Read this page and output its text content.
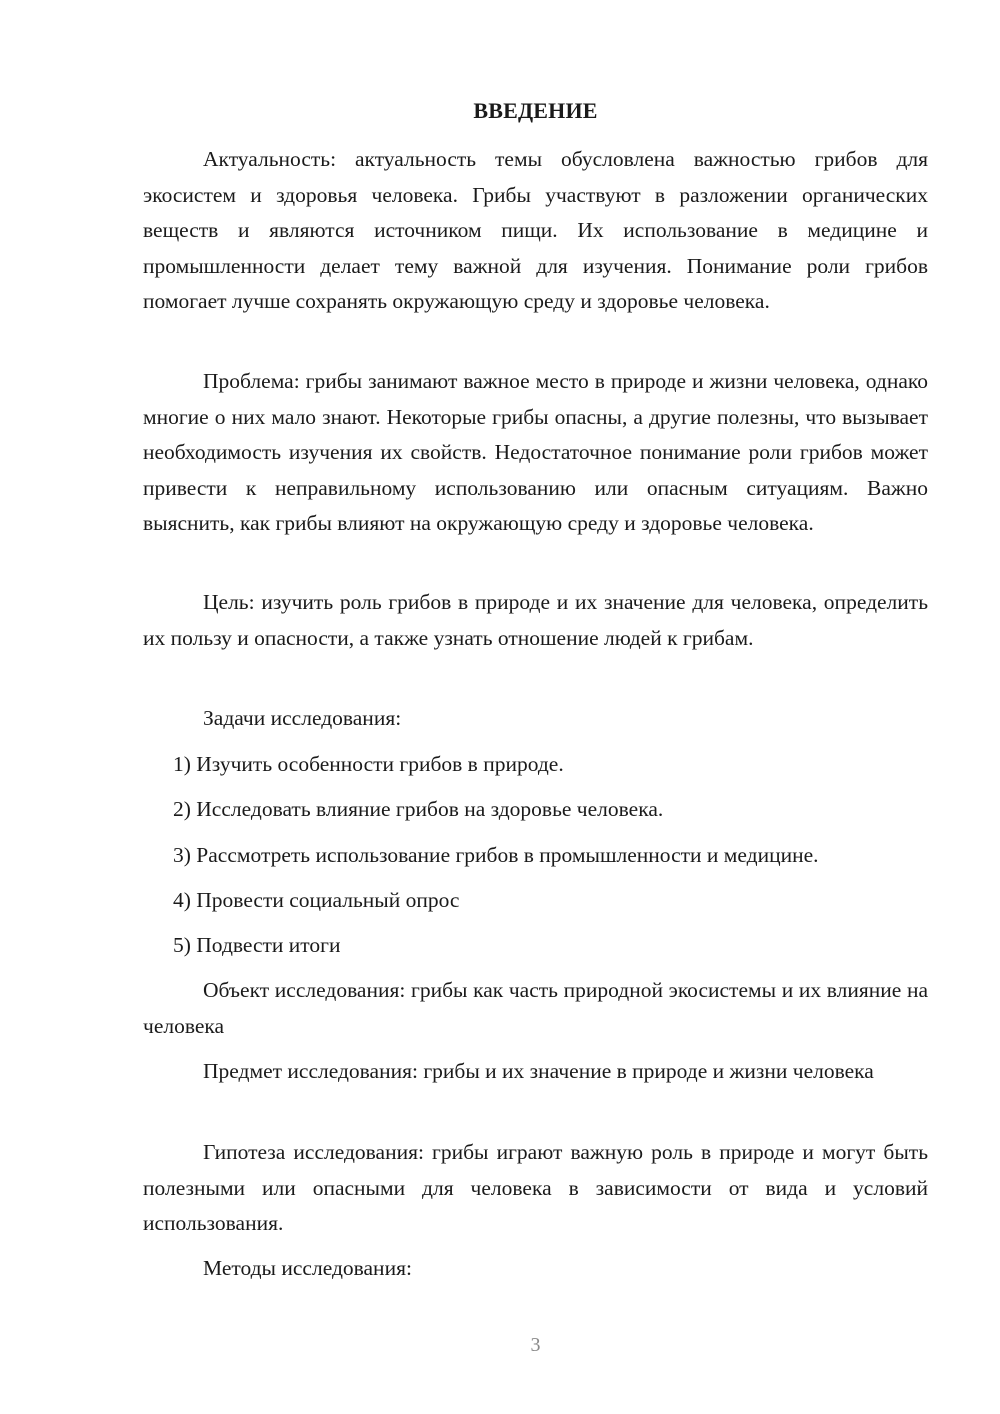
ВВЕДЕНИЕ

Актуальность: актуальность темы обусловлена важностью грибов для экосистем и здоровья человека. Грибы участвуют в разложении органических веществ и являются источником пищи. Их использование в медицине и промышленности делает тему важной для изучения. Понимание роли грибов помогает лучше сохранять окружающую среду и здоровье человека.

Проблема: грибы занимают важное место в природе и жизни человека, однако многие о них мало знают. Некоторые грибы опасны, а другие полезны, что вызывает необходимость изучения их свойств. Недостаточное понимание роли грибов может привести к неправильному использованию или опасным ситуациям. Важно выяснить, как грибы влияют на окружающую среду и здоровье человека.

Цель: изучить роль грибов в природе и их значение для человека, определить их пользу и опасности, а также узнать отношение людей к грибам.

Задачи исследования:

1) Изучить особенности грибов в природе.

2) Исследовать влияние грибов на здоровье человека.

3) Рассмотреть использование грибов в промышленности и медицине.

4) Провести социальный опрос

5) Подвести итоги

Объект исследования: грибы как часть природной экосистемы и их влияние на человека

Предмет исследования: грибы и их значение в природе и жизни человека

Гипотеза исследования: грибы играют важную роль в природе и могут быть полезными или опасными для человека в зависимости от вида и условий использования.

Методы исследования:

3
